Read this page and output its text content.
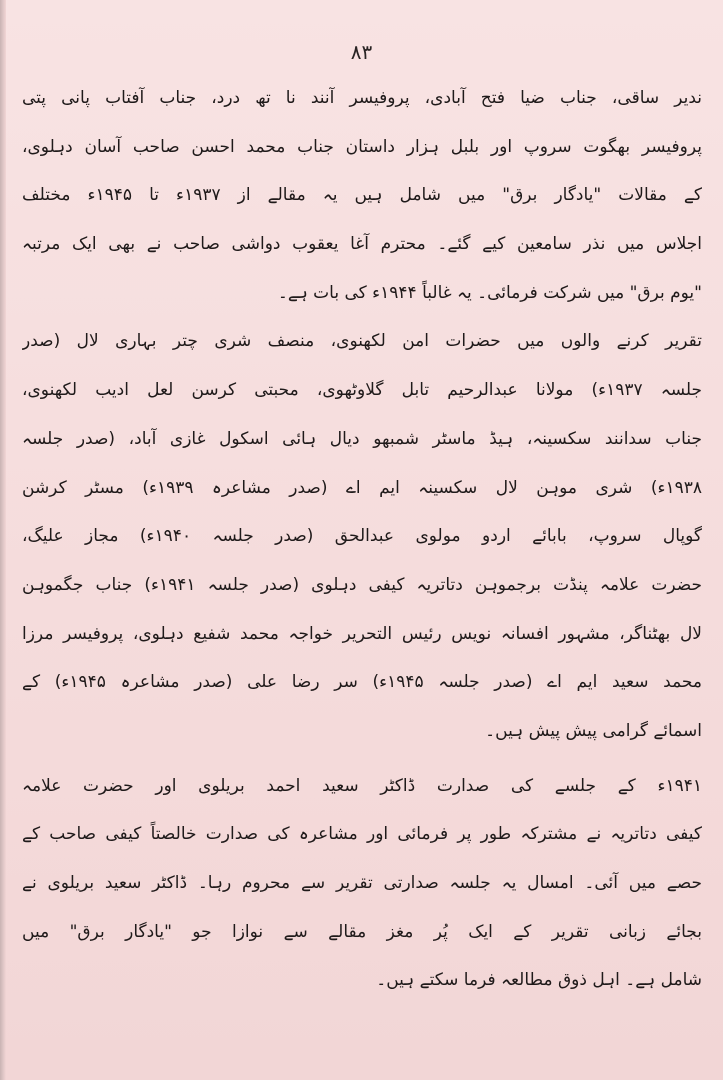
۸۳
ندیر ساقی، جناب ضیا فتح آبادی، پروفیسر آنند نا تھ درد، جناب آفتاب پانی پتی
پروفیسر بھگوت سروپ اور بلبل ہزار داستان جناب محمد احسن صاحب آسان دہلوی،
کے مقالات "یادگار برق" میں شامل ہیں یہ مقالے از ۱۹۳۷ء تا ۱۹۴۵ء مختلف
اجلاس میں نذر سامعین کیے گئے۔ محترم آغا یعقوب دواشی صاحب نے بھی ایک مرتبہ
"یوم برق" میں شرکت فرمائی۔ یہ غالباً ۱۹۴۴ء کی بات ہے۔
تقریر کرنے والوں میں حضرات امن لکھنوی، منصف شری چتر بہاری لال (صدر
جلسہ ۱۹۳۷ء) مولانا عبدالرحیم تابل گلاوٹھوی، محبتی کرسن لعل ادیب لکھنوی،
جناب سدانند سکسینہ، ہیڈ ماسٹر شمبھو دیال ہائی اسکول غازی آباد، (صدر جلسہ
۱۹۳۸ء) شری موہن لال سکسینہ ایم اے (صدر مشاعرہ ۱۹۳۹ء) مسٹر کرشن
گوپال سروپ، بابائے اردو مولوی عبدالحق (صدر جلسہ ۱۹۴۰ء) مجاز علیگ،
حضرت علامہ پنڈت برجموہن دتاتریہ کیفی دہلوی (صدر جلسہ ۱۹۴۱ء) جناب جگموہن
لال بھٹناگر، مشہور افسانہ نویس رئیس التحریر خواجہ محمد شفیع دہلوی، پروفیسر مرزا
محمد سعید ایم اے (صدر جلسہ ۱۹۴۵ء) سر رضا علی (صدر مشاعرہ ۱۹۴۵ء) کے
اسمائے گرامی پیش پیش ہیں۔
۱۹۴۱ء کے جلسے کی صدارت ڈاکٹر سعید احمد بریلوی اور حضرت علامہ
کیفی دتاتریہ نے مشترکہ طور پر فرمائی اور مشاعرہ کی صدارت خالصتاً کیفی صاحب کے
حصے میں آئی۔ امسال یہ جلسہ صدارتی تقریر سے محروم رہا۔ ڈاکٹر سعید بریلوی نے
بجائے زبانی تقریر کے ایک پُر مغز مقالے سے نوازا جو "یادگار برق" میں
شامل ہے۔ اہل ذوق مطالعہ فرما سکتے ہیں۔
